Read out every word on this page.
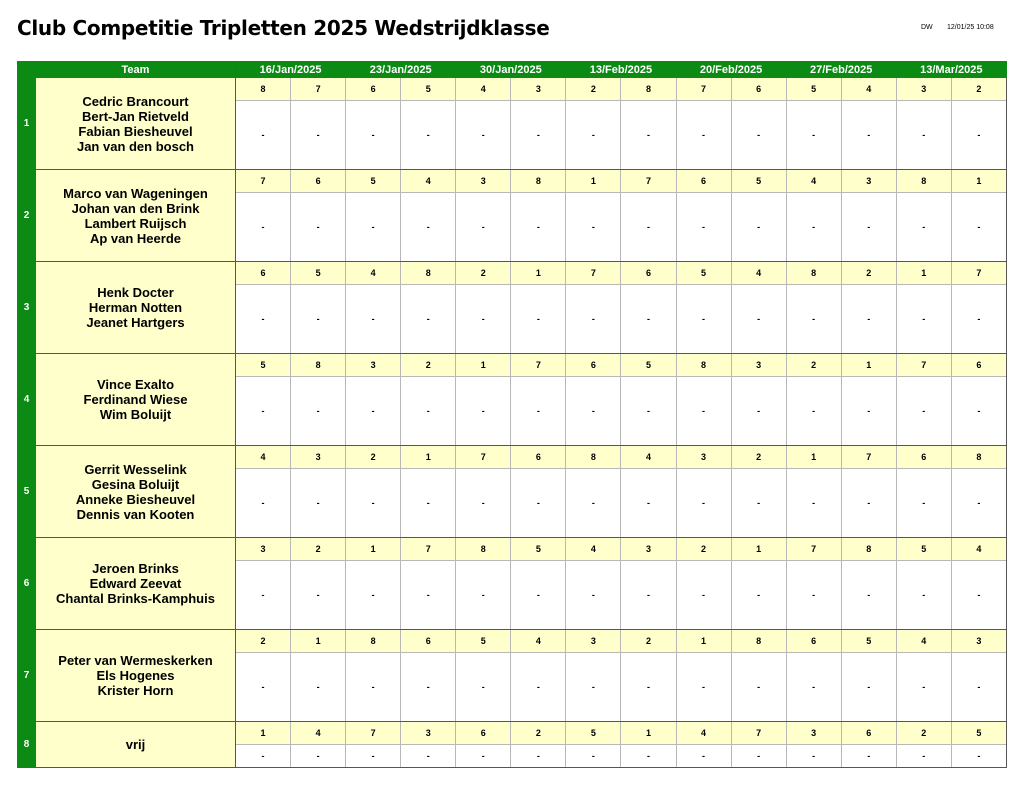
Club Competitie Tripletten 2025 Wedstrijdklasse	DW 12/01/25 10:08
	Team	16/Jan/2025		23/Jan/2025		30/Jan/2025		13/Feb/2025		20/Feb/2025		27/Feb/2025		13/Mar/2025	
1	Cedric Brancourt
Bert-Jan Rietveld
Fabian Biesheuvel
Jan van den bosch	8	7	6	5	4	3	2	8	7	6	5	4	3	2
		-	-	-	-	-	-	-	-	-	-	-	-	-	-
2	Marco van Wageningen
Johan van den Brink
Lambert Ruijsch
Ap van Heerde	7	6	5	4	3	8	1	7	6	5	4	3	8	1
		-	-	-	-	-	-	-	-	-	-	-	-	-	-
3	Henk Docter
Herman Notten
Jeanet Hartgers	6	5	4	8	2	1	7	6	5	4	8	2	1	7
		-	-	-	-	-	-	-	-	-	-	-	-	-	-
4	Vince Exalto
Ferdinand Wiese
Wim Boluijt	5	8	3	2	1	7	6	5	8	3	2	1	7	6
		-	-	-	-	-	-	-	-	-	-	-	-	-	-
5	Gerrit Wesselink
Gesina Boluijt
Anneke Biesheuvel
Dennis van Kooten	4	3	2	1	7	6	8	4	3	2	1	7	6	8
		-	-	-	-	-	-	-	-	-	-	-	-	-	-
6	Jeroen Brinks
Edward Zeevat
Chantal Brinks-Kamphuis	3	2	1	7	8	5	4	3	2	1	7	8	5	4
		-	-	-	-	-	-	-	-	-	-	-	-	-	-
7	Peter van Wermeskerken
Els Hogenes
Krister Horn	2	1	8	6	5	4	3	2	1	8	6	5	4	3
		-	-	-	-	-	-	-	-	-	-	-	-	-	-
8	vrij	1	4	7	3	6	2	5	1	4	7	3	6	2	5
		-	-	-	-	-	-	-	-	-	-	-	-	-	-
